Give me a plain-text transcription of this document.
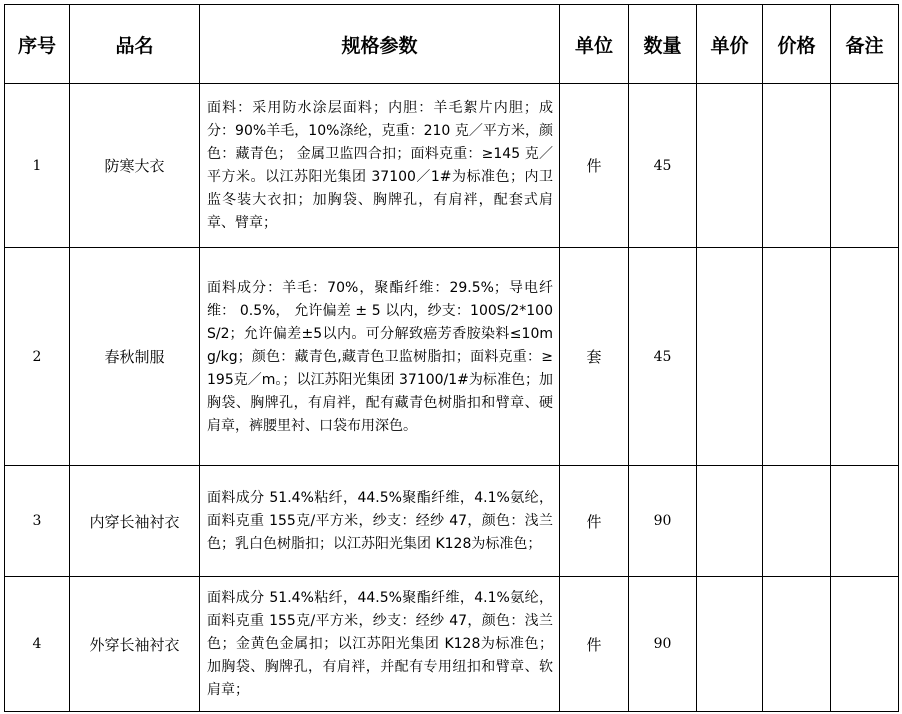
序号	品名	规格参数	单位	数量	单价	价格	备注
1	防寒大衣	面料：采用防水涂层面料；内胆：羊毛絮片内胆；成分：90%羊毛，10%涤纶，克重：210 克／平方米，颜色：藏青色； 金属卫监四合扣；面料克重：≥145 克／平方米。以江苏阳光集团 37100／1#为标准色；内卫监冬装大衣扣；加胸袋、胸牌孔，有肩袢，配套式肩章、臂章；	件	45			
2	春秋制服	面料成分：羊毛：70%，聚酯纤维：29.5%；导电纤维： 0.5%， 允许偏差 ± 5 以内，纱支：100S/2*100S/2；允许偏差±5以内。可分解致癌芳香胺染料≤10mg/kg；颜色：藏青色,藏青色卫监树脂扣；面料克重：≥195克／m。；以江苏阳光集团 37100/1#为标准色；加胸袋、胸牌孔，有肩袢，配有藏青色树脂扣和臂章、硬肩章，裤腰里衬、口袋布用深色。	套	45			
3	内穿长袖衬衣	面料成分 51.4%粘纤，44.5%聚酯纤维，4.1%氨纶，面料克重 155克/平方米，纱支：经纱 47，颜色：浅兰色；乳白色树脂扣；以江苏阳光集团 K128为标准色；	件	90			
4	外穿长袖衬衣	面料成分 51.4%粘纤，44.5%聚酯纤维，4.1%氨纶，面料克重 155克/平方米，纱支：经纱 47，颜色：浅兰色；金黄色金属扣；以江苏阳光集团 K128为标准色；加胸袋、胸牌孔，有肩袢，并配有专用纽扣和臂章、软肩章；	件	90			
